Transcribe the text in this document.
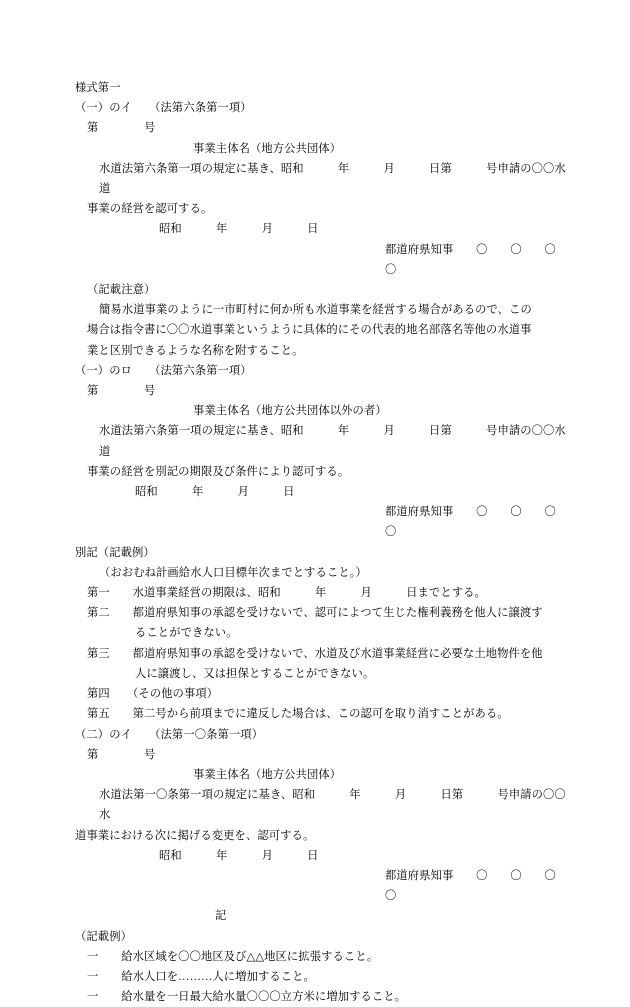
様式第一
（一）のイ　　（法第六条第一項）
第　　　　号
事業主体名（地方公共団体）
水道法第六条第一項の規定に基き、昭和　　　年　　　月　　　日第　　　号申請の〇〇水道
事業の経営を認可する。
昭和　　　年　　　月　　　日
都道府県知事　　〇　　〇　　〇　　〇
（記載注意）
簡易水道事業のように一市町村に何か所も水道事業を経営する場合があるので、この
場合は指令書に〇〇水道事業というように具体的にその代表的地名部落名等他の水道事
業と区別できるような名称を附すること。
（一）のロ　　（法第六条第一項）
第　　　　号
事業主体名（地方公共団体以外の者）
水道法第六条第一項の規定に基き、昭和　　　年　　　月　　　日第　　　号申請の〇〇水道
事業の経営を別記の期限及び条件により認可する。
昭和　　　年　　　月　　　日
都道府県知事　　〇　　〇　　〇　　〇
別記（記載例）
（おおむね計画給水人口目標年次までとすること。）
第一　　水道事業経営の期限は、昭和　　　年　　　月　　　日までとする。
第二　　都道府県知事の承認を受けないで、認可によつて生じた権利義務を他人に譲渡す
ることができない。
第三　　都道府県知事の承認を受けないで、水道及び水道事業経営に必要な土地物件を他
人に譲渡し、又は担保とすることができない。
第四　　（その他の事項）
第五　　第二号から前項までに違反した場合は、この認可を取り消すことがある。
（二）のイ　　（法第一〇条第一項）
第　　　　号
事業主体名（地方公共団体）
水道法第一〇条第一項の規定に基き、昭和　　　年　　　月　　　日第　　　号申請の〇〇水
道事業における次に掲げる変更を、認可する。
昭和　　　年　　　月　　　日
都道府県知事　　〇　　〇　　〇　　〇
記
（記載例）
一　　給水区域を〇〇地区及び△△地区に拡張すること。
一　　給水人口を………人に増加すること。
一　　給水量を一日最大給水量〇〇〇立方米に増加すること。
